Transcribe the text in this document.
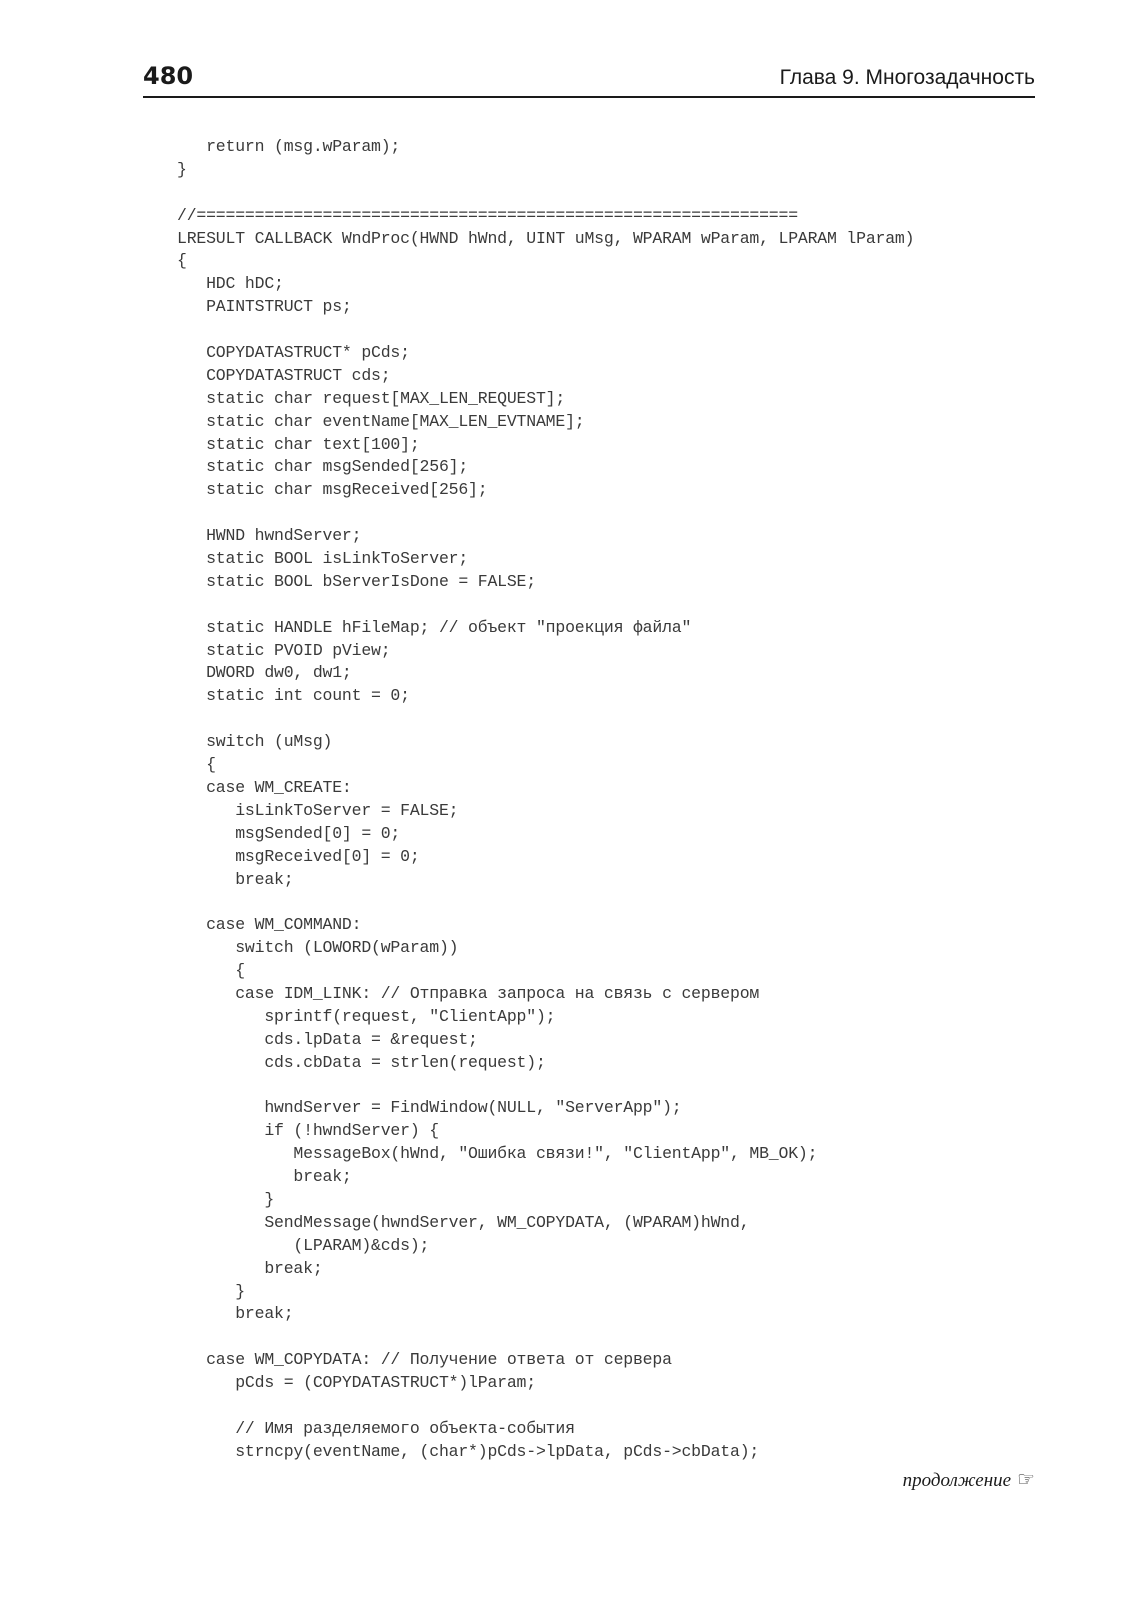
480	Глава 9. Многозадачность
return (msg.wParam);
}
//==============================================================
LRESULT CALLBACK WndProc(HWND hWnd, UINT uMsg, WPARAM wParam, LPARAM lParam)
{
HDC hDC;
PAINTSTRUCT ps;
COPYDATASTRUCT* pCds;
COPYDATASTRUCT cds;
static char request[MAX_LEN_REQUEST];
static char eventName[MAX_LEN_EVTNAME];
static char text[100];
static char msgSended[256];
static char msgReceived[256];
HWND hwndServer;
static BOOL isLinkToServer;
static BOOL bServerIsDone = FALSE;
static HANDLE hFileMap; // объект "проекция файла"
static PVOID pView;
DWORD dw0, dw1;
static int count = 0;
switch (uMsg)
{
case WM_CREATE:
isLinkToServer = FALSE;
msgSended[0] = 0;
msgReceived[0] = 0;
break;
case WM_COMMAND:
switch (LOWORD(wParam))
{
case IDM_LINK: // Отправка запроса на связь с сервером
sprintf(request, "ClientApp");
cds.lpData = &request;
cds.cbData = strlen(request);
hwndServer = FindWindow(NULL, "ServerApp");
if (!hwndServer) {
MessageBox(hWnd, "Ошибка связи!", "ClientApp", MB_OK);
break;
}
SendMessage(hwndServer, WM_COPYDATA, (WPARAM)hWnd,
(LPARAM)&cds);
break;
}
break;
case WM_COPYDATA: // Получение ответа от сервера
pCds = (COPYDATASTRUCT*)lParam;
// Имя разделяемого объекта-события
strncpy(eventName, (char*)pCds->lpData, pCds->cbData);
продолжение ☞
